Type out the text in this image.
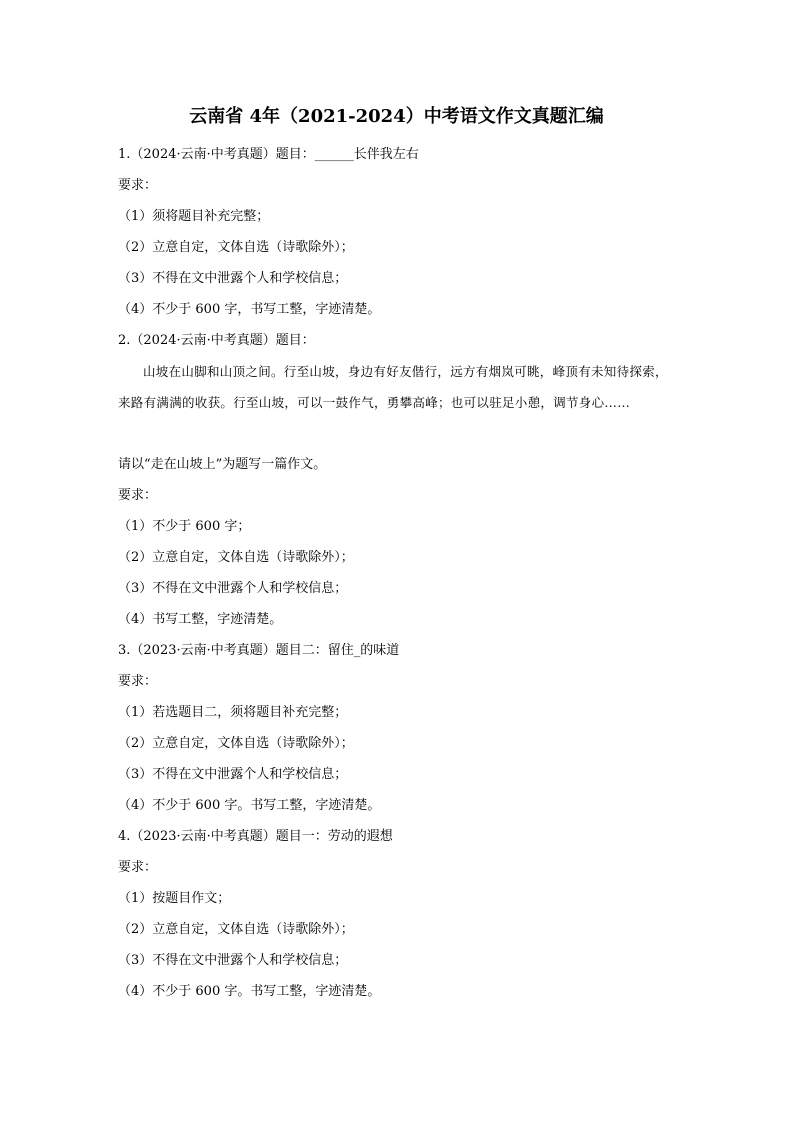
云南省 4年（2021-2024）中考语文作文真题汇编
1.（2024·云南·中考真题）题目：______长伴我左右
要求：
（1）须将题目补充完整；
（2）立意自定，文体自选（诗歌除外）；
（3）不得在文中泄露个人和学校信息；
（4）不少于 600 字，书写工整，字迹清楚。
2.（2024·云南·中考真题）题目：
山坡在山脚和山顶之间。行至山坡，身边有好友偕行，远方有烟岚可眺，峰顶有未知待探索，来路有满满的收获。行至山坡，可以一鼓作气，勇攀高峰；也可以驻足小憩，调节身心……
请以“走在山坡上”为题写一篇作文。
要求：
（1）不少于 600 字；
（2）立意自定，文体自选（诗歌除外）；
（3）不得在文中泄露个人和学校信息；
（4）书写工整，字迹清楚。
3.（2023·云南·中考真题）题目二：留住_的味道
要求：
（1）若选题目二，须将题目补充完整；
（2）立意自定，文体自选（诗歌除外）；
（3）不得在文中泄露个人和学校信息；
（4）不少于 600 字。书写工整，字迹清楚。
4.（2023·云南·中考真题）题目一：劳动的遐想
要求：
（1）按题目作文；
（2）立意自定，文体自选（诗歌除外）；
（3）不得在文中泄露个人和学校信息；
（4）不少于 600 字。书写工整，字迹清楚。
